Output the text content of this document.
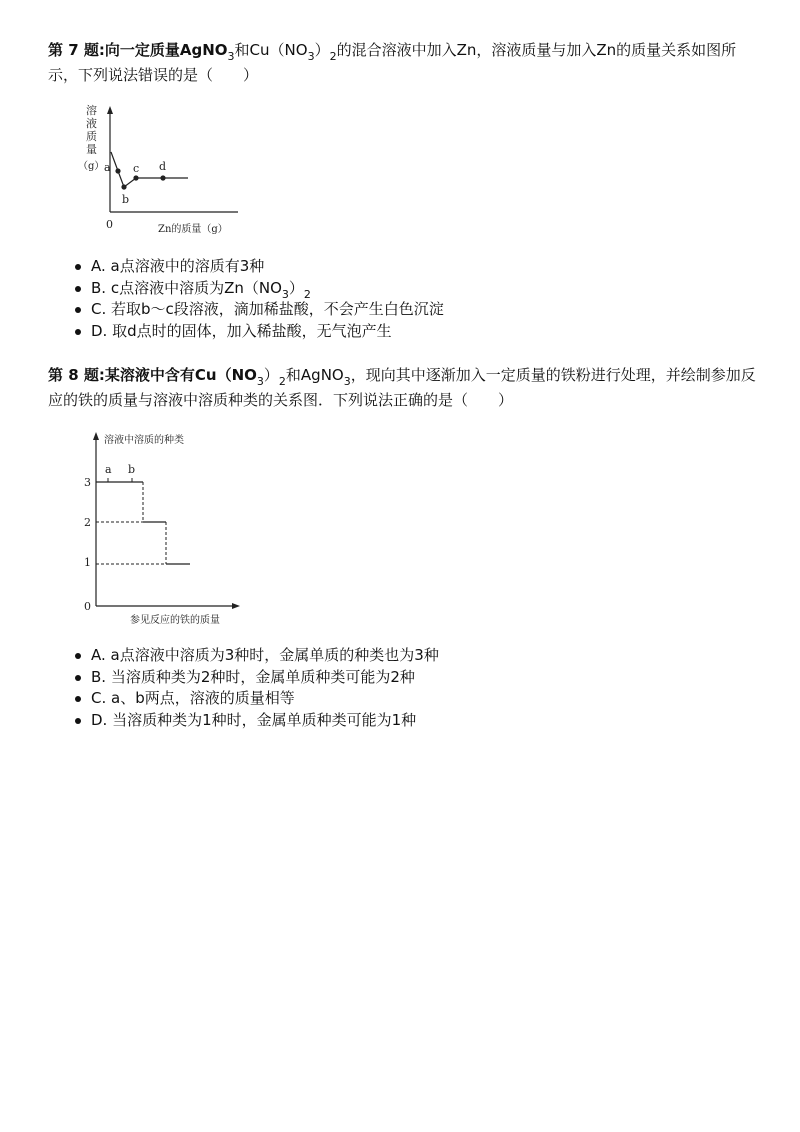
第 7 题:向一定质量AgNO$_3$和$Cu(NO_3)_2$的混合溶液中加入Zn，溶液质量与加入Zn的质量关系如图所示，下列说法错误的是（　　）
溶
液
质
量
（g）
0	Zn的质量（g）
a
b
c d
A. a点溶液中的溶质有3种
B. c点溶液中溶质为$Zn(NO_3)_2$
C. 若取b～c段溶液，滴加稀盐酸，不会产生白色沉淀
D. 取d点时的固体，加入稀盐酸，无气泡产生
第 8 题:某溶液中含有$Cu(NO_3)_2$和AgNO$_3$，现向其中逐渐加入一定质量的铁粉进行处理，并绘制参加反应的铁的质量与溶液中溶质种类的关系图．下列说法正确的是（　　）
溶液中溶质的种类
参见反应的铁的质量
3
2
1
0
a b
A. a点溶液中溶质为3种时，金属单质的种类也为3种
B. 当溶质种类为2种时，金属单质种类可能为2种
C. a、b两点，溶液的质量相等
D. 当溶质种类为1种时，金属单质种类可能为1种
